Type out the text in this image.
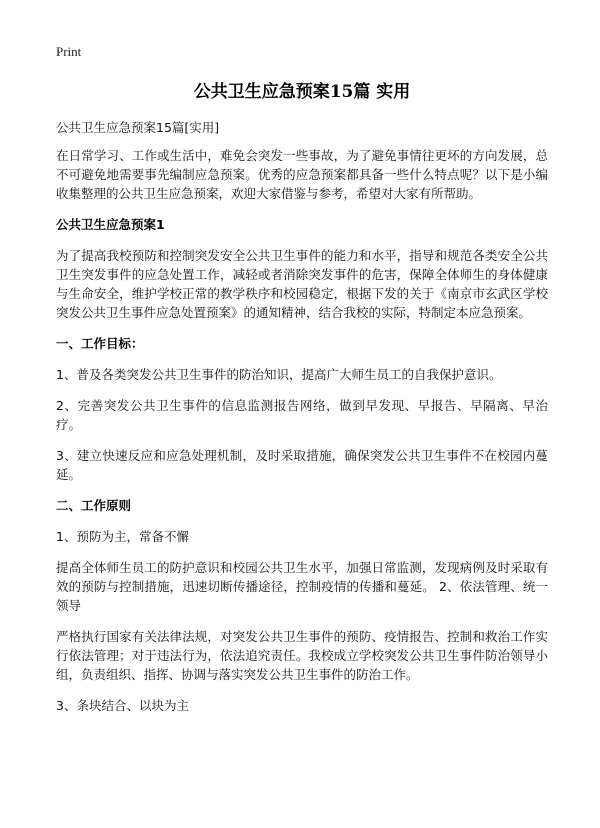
Print
公共卫生应急预案15篇 实用
公共卫生应急预案15篇[实用]
在日常学习、工作或生活中，难免会突发一些事故，为了避免事情往更坏的方向发展，总不可避免地需要事先编制应急预案。优秀的应急预案都具备一些什么特点呢？以下是小编收集整理的公共卫生应急预案，欢迎大家借鉴与参考，希望对大家有所帮助。
公共卫生应急预案1
为了提高我校预防和控制突发安全公共卫生事件的能力和水平，指导和规范各类安全公共卫生突发事件的应急处置工作，减轻或者消除突发事件的危害，保障全体师生的身体健康与生命安全，维护学校正常的教学秩序和校园稳定，根据下发的关于《南京市玄武区学校突发公共卫生事件应急处置预案》的通知精神，结合我校的实际，特制定本应急预案。
一、工作目标：
1、普及各类突发公共卫生事件的防治知识，提高广大师生员工的自我保护意识。
2、完善突发公共卫生事件的信息监测报告网络，做到早发现、早报告、早隔离、早治疗。
3、建立快速反应和应急处理机制，及时采取措施，确保突发公共卫生事件不在校园内蔓延。
二、工作原则
1、预防为主，常备不懈
提高全体师生员工的防护意识和校园公共卫生水平，加强日常监测，发现病例及时采取有效的预防与控制措施，迅速切断传播途径，控制疫情的传播和蔓延。 2、依法管理、统一领导
严格执行国家有关法律法规，对突发公共卫生事件的预防、疫情报告、控制和救治工作实行依法管理；对于违法行为，依法追究责任。我校成立学校突发公共卫生事件防治领导小组，负责组织、指挥、协调与落实突发公共卫生事件的防治工作。
3、条块结合、以块为主
